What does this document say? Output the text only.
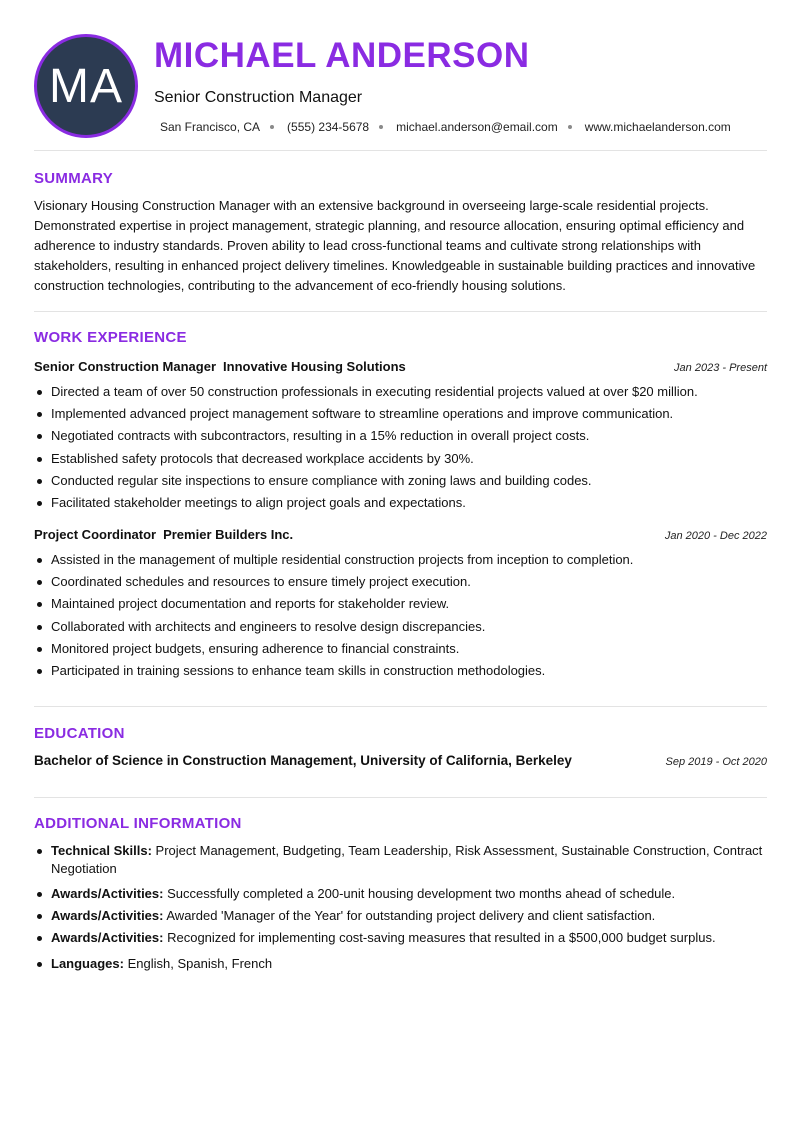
MA
MICHAEL ANDERSON
Senior Construction Manager
San Francisco, CA (555) 234-5678 michael.anderson@email.com www.michaelanderson.com
SUMMARY
Visionary Housing Construction Manager with an extensive background in overseeing large-scale residential projects. Demonstrated expertise in project management, strategic planning, and resource allocation, ensuring optimal efficiency and adherence to industry standards. Proven ability to lead cross-functional teams and cultivate strong relationships with stakeholders, resulting in enhanced project delivery timelines. Knowledgeable in sustainable building practices and innovative construction technologies, contributing to the advancement of eco-friendly housing solutions.
WORK EXPERIENCE
Senior Construction Manager Innovative Housing Solutions	Jan 2023 - Present
Directed a team of over 50 construction professionals in executing residential projects valued at over $20 million.
Implemented advanced project management software to streamline operations and improve communication.
Negotiated contracts with subcontractors, resulting in a 15% reduction in overall project costs.
Established safety protocols that decreased workplace accidents by 30%.
Conducted regular site inspections to ensure compliance with zoning laws and building codes.
Facilitated stakeholder meetings to align project goals and expectations.
Project Coordinator Premier Builders Inc.	Jan 2020 - Dec 2022
Assisted in the management of multiple residential construction projects from inception to completion.
Coordinated schedules and resources to ensure timely project execution.
Maintained project documentation and reports for stakeholder review.
Collaborated with architects and engineers to resolve design discrepancies.
Monitored project budgets, ensuring adherence to financial constraints.
Participated in training sessions to enhance team skills in construction methodologies.
EDUCATION
Bachelor of Science in Construction Management, University of California, Berkeley	Sep 2019 - Oct 2020
ADDITIONAL INFORMATION
Technical Skills: Project Management, Budgeting, Team Leadership, Risk Assessment, Sustainable Construction, Contract Negotiation
Awards/Activities: Successfully completed a 200-unit housing development two months ahead of schedule.
Awards/Activities: Awarded 'Manager of the Year' for outstanding project delivery and client satisfaction.
Awards/Activities: Recognized for implementing cost-saving measures that resulted in a $500,000 budget surplus.
Languages: English, Spanish, French
